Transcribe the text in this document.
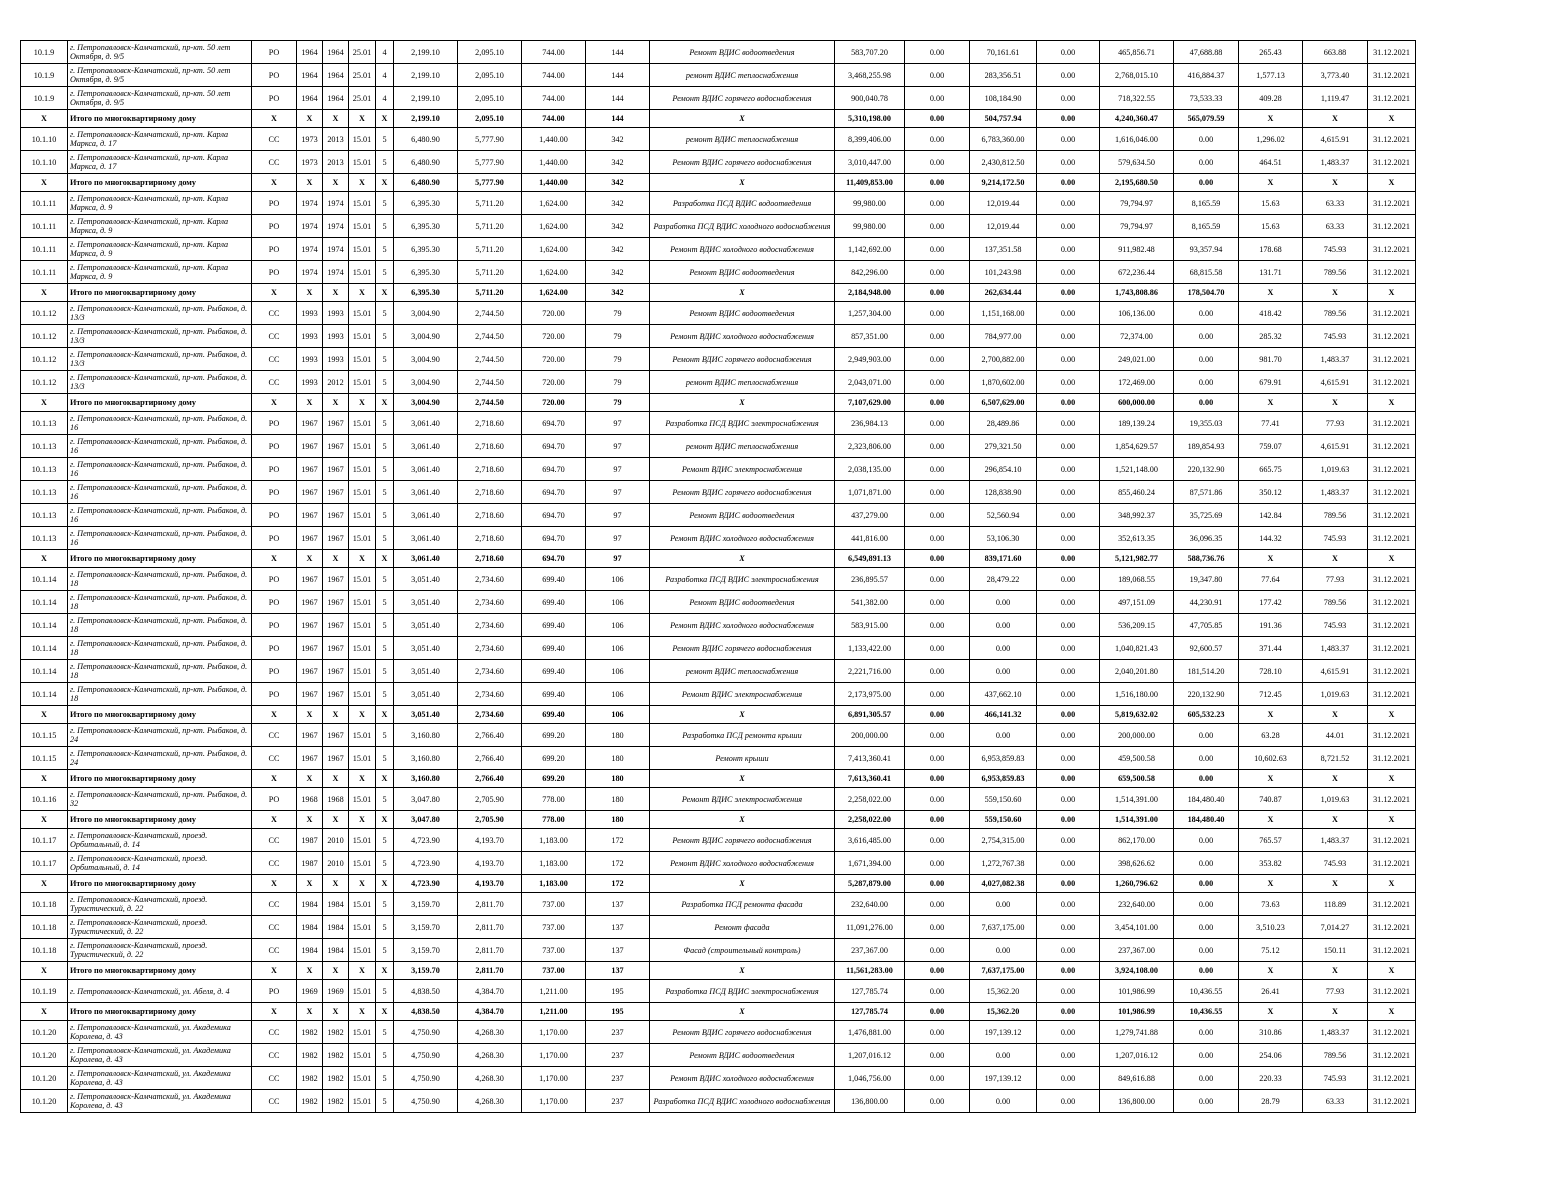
10.1.9	г. Петропавловск-Камчатский, пр-кт. 50 лет Октября, д. 9/5	РО	1964	1964	25.01	4	2,199.10	2,095.10	744.00	144	Ремонт ВДИС водоотведения	583,707.20	0.00	70,161.61	0.00	465,856.71	47,688.88	265.43	663.88	31.12.2021
10.1.9	г. Петропавловск-Камчатский, пр-кт. 50 лет Октября, д. 9/5	РО	1964	1964	25.01	4	2,199.10	2,095.10	744.00	144	ремонт ВДИС теплоснабжения	3,468,255.98	0.00	283,356.51	0.00	2,768,015.10	416,884.37	1,577.13	3,773.40	31.12.2021
10.1.9	г. Петропавловск-Камчатский, пр-кт. 50 лет Октября, д. 9/5	РО	1964	1964	25.01	4	2,199.10	2,095.10	744.00	144	Ремонт ВДИС горячего водоснабжения	900,040.78	0.00	108,184.90	0.00	718,322.55	73,533.33	409.28	1,119.47	31.12.2021
X	Итого по многоквартирному дому	X	X	X	X	X	2,199.10	2,095.10	744.00	144	X	5,310,198.00	0.00	504,757.94	0.00	4,240,360.47	565,079.59	X	X	X
10.1.10	г. Петропавловск-Камчатский, пр-кт. Карла Маркса, д. 17	СС	1973	2013	15.01	5	6,480.90	5,777.90	1,440.00	342	ремонт ВДИС теплоснабжения	8,399,406.00	0.00	6,783,360.00	0.00	1,616,046.00	0.00	1,296.02	4,615.91	31.12.2021
10.1.10	г. Петропавловск-Камчатский, пр-кт. Карла Маркса, д. 17	СС	1973	2013	15.01	5	6,480.90	5,777.90	1,440.00	342	Ремонт ВДИС горячего водоснабжения	3,010,447.00	0.00	2,430,812.50	0.00	579,634.50	0.00	464.51	1,483.37	31.12.2021
X	Итого по многоквартирному дому	X	X	X	X	X	6,480.90	5,777.90	1,440.00	342	X	11,409,853.00	0.00	9,214,172.50	0.00	2,195,680.50	0.00	X	X	X
10.1.11	г. Петропавловск-Камчатский, пр-кт. Карла Маркса, д. 9	РО	1974	1974	15.01	5	6,395.30	5,711.20	1,624.00	342	Разработка ПСД ВДИС водоотведения	99,980.00	0.00	12,019.44	0.00	79,794.97	8,165.59	15.63	63.33	31.12.2021
10.1.11	г. Петропавловск-Камчатский, пр-кт. Карла Маркса, д. 9	РО	1974	1974	15.01	5	6,395.30	5,711.20	1,624.00	342	Разработка ПСД ВДИС холодного водоснабжения	99,980.00	0.00	12,019.44	0.00	79,794.97	8,165.59	15.63	63.33	31.12.2021
10.1.11	г. Петропавловск-Камчатский, пр-кт. Карла Маркса, д. 9	РО	1974	1974	15.01	5	6,395.30	5,711.20	1,624.00	342	Ремонт ВДИС холодного водоснабжения	1,142,692.00	0.00	137,351.58	0.00	911,982.48	93,357.94	178.68	745.93	31.12.2021
10.1.11	г. Петропавловск-Камчатский, пр-кт. Карла Маркса, д. 9	РО	1974	1974	15.01	5	6,395.30	5,711.20	1,624.00	342	Ремонт ВДИС водоотведения	842,296.00	0.00	101,243.98	0.00	672,236.44	68,815.58	131.71	789.56	31.12.2021
X	Итого по многоквартирному дому	X	X	X	X	X	6,395.30	5,711.20	1,624.00	342	X	2,184,948.00	0.00	262,634.44	0.00	1,743,808.86	178,504.70	X	X	X
10.1.12	г. Петропавловск-Камчатский, пр-кт. Рыбаков, д. 13/3	СС	1993	1993	15.01	5	3,004.90	2,744.50	720.00	79	Ремонт ВДИС водоотведения	1,257,304.00	0.00	1,151,168.00	0.00	106,136.00	0.00	418.42	789.56	31.12.2021
10.1.12	г. Петропавловск-Камчатский, пр-кт. Рыбаков, д. 13/3	СС	1993	1993	15.01	5	3,004.90	2,744.50	720.00	79	Ремонт ВДИС холодного водоснабжения	857,351.00	0.00	784,977.00	0.00	72,374.00	0.00	285.32	745.93	31.12.2021
10.1.12	г. Петропавловск-Камчатский, пр-кт. Рыбаков, д. 13/3	СС	1993	1993	15.01	5	3,004.90	2,744.50	720.00	79	Ремонт ВДИС горячего водоснабжения	2,949,903.00	0.00	2,700,882.00	0.00	249,021.00	0.00	981.70	1,483.37	31.12.2021
10.1.12	г. Петропавловск-Камчатский, пр-кт. Рыбаков, д. 13/3	СС	1993	2012	15.01	5	3,004.90	2,744.50	720.00	79	ремонт ВДИС теплоснабжения	2,043,071.00	0.00	1,870,602.00	0.00	172,469.00	0.00	679.91	4,615.91	31.12.2021
X	Итого по многоквартирному дому	X	X	X	X	X	3,004.90	2,744.50	720.00	79	X	7,107,629.00	0.00	6,507,629.00	0.00	600,000.00	0.00	X	X	X
10.1.13	г. Петропавловск-Камчатский, пр-кт. Рыбаков, д. 16	РО	1967	1967	15.01	5	3,061.40	2,718.60	694.70	97	Разработка ПСД ВДИС электроснабжения	236,984.13	0.00	28,489.86	0.00	189,139.24	19,355.03	77.41	77.93	31.12.2021
10.1.13	г. Петропавловск-Камчатский, пр-кт. Рыбаков, д. 16	РО	1967	1967	15.01	5	3,061.40	2,718.60	694.70	97	ремонт ВДИС теплоснабжения	2,323,806.00	0.00	279,321.50	0.00	1,854,629.57	189,854.93	759.07	4,615.91	31.12.2021
10.1.13	г. Петропавловск-Камчатский, пр-кт. Рыбаков, д. 16	РО	1967	1967	15.01	5	3,061.40	2,718.60	694.70	97	Ремонт ВДИС электроснабжения	2,038,135.00	0.00	296,854.10	0.00	1,521,148.00	220,132.90	665.75	1,019.63	31.12.2021
10.1.13	г. Петропавловск-Камчатский, пр-кт. Рыбаков, д. 16	РО	1967	1967	15.01	5	3,061.40	2,718.60	694.70	97	Ремонт ВДИС горячего водоснабжения	1,071,871.00	0.00	128,838.90	0.00	855,460.24	87,571.86	350.12	1,483.37	31.12.2021
10.1.13	г. Петропавловск-Камчатский, пр-кт. Рыбаков, д. 16	РО	1967	1967	15.01	5	3,061.40	2,718.60	694.70	97	Ремонт ВДИС водоотведения	437,279.00	0.00	52,560.94	0.00	348,992.37	35,725.69	142.84	789.56	31.12.2021
10.1.13	г. Петропавловск-Камчатский, пр-кт. Рыбаков, д. 16	РО	1967	1967	15.01	5	3,061.40	2,718.60	694.70	97	Ремонт ВДИС холодного водоснабжения	441,816.00	0.00	53,106.30	0.00	352,613.35	36,096.35	144.32	745.93	31.12.2021
X	Итого по многоквартирному дому	X	X	X	X	X	3,061.40	2,718.60	694.70	97	X	6,549,891.13	0.00	839,171.60	0.00	5,121,982.77	588,736.76	X	X	X
10.1.14	г. Петропавловск-Камчатский, пр-кт. Рыбаков, д. 18	РО	1967	1967	15.01	5	3,051.40	2,734.60	699.40	106	Разработка ПСД ВДИС электроснабжения	236,895.57	0.00	28,479.22	0.00	189,068.55	19,347.80	77.64	77.93	31.12.2021
10.1.14	г. Петропавловск-Камчатский, пр-кт. Рыбаков, д. 18	РО	1967	1967	15.01	5	3,051.40	2,734.60	699.40	106	Ремонт ВДИС водоотведения	541,382.00	0.00	0.00	0.00	497,151.09	44,230.91	177.42	789.56	31.12.2021
10.1.14	г. Петропавловск-Камчатский, пр-кт. Рыбаков, д. 18	РО	1967	1967	15.01	5	3,051.40	2,734.60	699.40	106	Ремонт ВДИС холодного водоснабжения	583,915.00	0.00	0.00	0.00	536,209.15	47,705.85	191.36	745.93	31.12.2021
10.1.14	г. Петропавловск-Камчатский, пр-кт. Рыбаков, д. 18	РО	1967	1967	15.01	5	3,051.40	2,734.60	699.40	106	Ремонт ВДИС горячего водоснабжения	1,133,422.00	0.00	0.00	0.00	1,040,821.43	92,600.57	371.44	1,483.37	31.12.2021
10.1.14	г. Петропавловск-Камчатский, пр-кт. Рыбаков, д. 18	РО	1967	1967	15.01	5	3,051.40	2,734.60	699.40	106	ремонт ВДИС теплоснабжения	2,221,716.00	0.00	0.00	0.00	2,040,201.80	181,514.20	728.10	4,615.91	31.12.2021
10.1.14	г. Петропавловск-Камчатский, пр-кт. Рыбаков, д. 18	РО	1967	1967	15.01	5	3,051.40	2,734.60	699.40	106	Ремонт ВДИС электроснабжения	2,173,975.00	0.00	437,662.10	0.00	1,516,180.00	220,132.90	712.45	1,019.63	31.12.2021
X	Итого по многоквартирному дому	X	X	X	X	X	3,051.40	2,734.60	699.40	106	X	6,891,305.57	0.00	466,141.32	0.00	5,819,632.02	605,532.23	X	X	X
10.1.15	г. Петропавловск-Камчатский, пр-кт. Рыбаков, д. 24	СС	1967	1967	15.01	5	3,160.80	2,766.40	699.20	180	Разработка ПСД ремонта крыши	200,000.00	0.00	0.00	0.00	200,000.00	0.00	63.28	44.01	31.12.2021
10.1.15	г. Петропавловск-Камчатский, пр-кт. Рыбаков, д. 24	СС	1967	1967	15.01	5	3,160.80	2,766.40	699.20	180	Ремонт крыши	7,413,360.41	0.00	6,953,859.83	0.00	459,500.58	0.00	10,602.63	8,721.52	31.12.2021
X	Итого по многоквартирному дому	X	X	X	X	X	3,160.80	2,766.40	699.20	180	X	7,613,360.41	0.00	6,953,859.83	0.00	659,500.58	0.00	X	X	X
10.1.16	г. Петропавловск-Камчатский, пр-кт. Рыбаков, д. 32	РО	1968	1968	15.01	5	3,047.80	2,705.90	778.00	180	Ремонт ВДИС электроснабжения	2,258,022.00	0.00	559,150.60	0.00	1,514,391.00	184,480.40	740.87	1,019.63	31.12.2021
X	Итого по многоквартирному дому	X	X	X	X	X	3,047.80	2,705.90	778.00	180	X	2,258,022.00	0.00	559,150.60	0.00	1,514,391.00	184,480.40	X	X	X
10.1.17	г. Петропавловск-Камчатский, проезд. Орбитальный, д. 14	СС	1987	2010	15.01	5	4,723.90	4,193.70	1,183.00	172	Ремонт ВДИС горячего водоснабжения	3,616,485.00	0.00	2,754,315.00	0.00	862,170.00	0.00	765.57	1,483.37	31.12.2021
10.1.17	г. Петропавловск-Камчатский, проезд. Орбитальный, д. 14	СС	1987	2010	15.01	5	4,723.90	4,193.70	1,183.00	172	Ремонт ВДИС холодного водоснабжения	1,671,394.00	0.00	1,272,767.38	0.00	398,626.62	0.00	353.82	745.93	31.12.2021
X	Итого по многоквартирному дому	X	X	X	X	X	4,723.90	4,193.70	1,183.00	172	X	5,287,879.00	0.00	4,027,082.38	0.00	1,260,796.62	0.00	X	X	X
10.1.18	г. Петропавловск-Камчатский, проезд. Туристический, д. 22	СС	1984	1984	15.01	5	3,159.70	2,811.70	737.00	137	Разработка ПСД ремонта фасада	232,640.00	0.00	0.00	0.00	232,640.00	0.00	73.63	118.89	31.12.2021
10.1.18	г. Петропавловск-Камчатский, проезд. Туристический, д. 22	СС	1984	1984	15.01	5	3,159.70	2,811.70	737.00	137	Ремонт фасада	11,091,276.00	0.00	7,637,175.00	0.00	3,454,101.00	0.00	3,510.23	7,014.27	31.12.2021
10.1.18	г. Петропавловск-Камчатский, проезд. Туристический, д. 22	СС	1984	1984	15.01	5	3,159.70	2,811.70	737.00	137	Фасад (строительный контроль)	237,367.00	0.00	0.00	0.00	237,367.00	0.00	75.12	150.11	31.12.2021
X	Итого по многоквартирному дому	X	X	X	X	X	3,159.70	2,811.70	737.00	137	X	11,561,283.00	0.00	7,637,175.00	0.00	3,924,108.00	0.00	X	X	X
10.1.19	г. Петропавловск-Камчатский, ул. Абеля, д. 4	РО	1969	1969	15.01	5	4,838.50	4,384.70	1,211.00	195	Разработка ПСД ВДИС электроснабжения	127,785.74	0.00	15,362.20	0.00	101,986.99	10,436.55	26.41	77.93	31.12.2021
X	Итого по многоквартирному дому	X	X	X	X	X	4,838.50	4,384.70	1,211.00	195	X	127,785.74	0.00	15,362.20	0.00	101,986.99	10,436.55	X	X	X
10.1.20	г. Петропавловск-Камчатский, ул. Академика Королева, д. 43	СС	1982	1982	15.01	5	4,750.90	4,268.30	1,170.00	237	Ремонт ВДИС горячего водоснабжения	1,476,881.00	0.00	197,139.12	0.00	1,279,741.88	0.00	310.86	1,483.37	31.12.2021
10.1.20	г. Петропавловск-Камчатский, ул. Академика Королева, д. 43	СС	1982	1982	15.01	5	4,750.90	4,268.30	1,170.00	237	Ремонт ВДИС водоотведения	1,207,016.12	0.00	0.00	0.00	1,207,016.12	0.00	254.06	789.56	31.12.2021
10.1.20	г. Петропавловск-Камчатский, ул. Академика Королева, д. 43	СС	1982	1982	15.01	5	4,750.90	4,268.30	1,170.00	237	Ремонт ВДИС холодного водоснабжения	1,046,756.00	0.00	197,139.12	0.00	849,616.88	0.00	220.33	745.93	31.12.2021
10.1.20	г. Петропавловск-Камчатский, ул. Академика Королева, д. 43	СС	1982	1982	15.01	5	4,750.90	4,268.30	1,170.00	237	Разработка ПСД ВДИС холодного водоснабжения	136,800.00	0.00	0.00	0.00	136,800.00	0.00	28.79	63.33	31.12.2021
